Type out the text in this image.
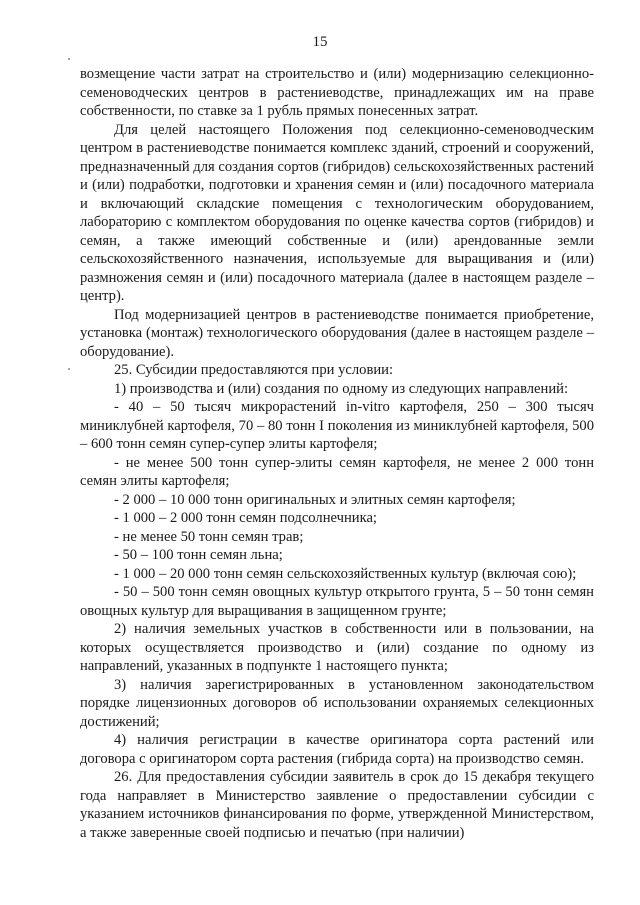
15

возмещение части затрат на строительство и (или) модернизацию селекционно-семеноводческих центров в растениеводстве, принадлежащих им на праве собственности, по ставке за 1 рубль прямых понесенных затрат.

Для целей настоящего Положения под селекционно-семеноводческим центром в растениеводстве понимается комплекс зданий, строений и сооружений, предназначенный для создания сортов (гибридов) сельскохозяйственных растений и (или) подработки, подготовки и хранения семян и (или) посадочного материала и включающий складские помещения с технологическим оборудованием, лабораторию с комплектом оборудования по оценке качества сортов (гибридов) и семян, а также имеющий собственные и (или) арендованные земли сельскохозяйственного назначения, используемые для выращивания и (или) размножения семян и (или) посадочного материала (далее в настоящем разделе – центр).

Под модернизацией центров в растениеводстве понимается приобретение, установка (монтаж) технологического оборудования (далее в настоящем разделе – оборудование).

25. Субсидии предоставляются при условии:

1) производства и (или) создания по одному из следующих направлений:

- 40 – 50 тысяч микрорастений in-vitro картофеля, 250 – 300 тысяч миниклубней картофеля, 70 – 80 тонн I поколения из миниклубней картофеля, 500 – 600 тонн семян супер-супер элиты картофеля;

- не менее 500 тонн супер-элиты семян картофеля, не менее 2 000 тонн семян элиты картофеля;

- 2 000 – 10 000 тонн оригинальных и элитных семян картофеля;

- 1 000 – 2 000 тонн семян подсолнечника;

- не менее 50 тонн семян трав;

- 50 – 100 тонн семян льна;

- 1 000 – 20 000 тонн семян сельскохозяйственных культур (включая сою);

- 50 – 500 тонн семян овощных культур открытого грунта, 5 – 50 тонн семян овощных культур для выращивания в защищенном грунте;

2) наличия земельных участков в собственности или в пользовании, на которых осуществляется производство и (или) создание по одному из направлений, указанных в подпункте 1 настоящего пункта;

3) наличия зарегистрированных в установленном законодательством порядке лицензионных договоров об использовании охраняемых селекционных достижений;

4) наличия регистрации в качестве оригинатора сорта растений или договора с оригинатором сорта растения (гибрида сорта) на производство семян.

26. Для предоставления субсидии заявитель в срок до 15 декабря текущего года направляет в Министерство заявление о предоставлении субсидии с указанием источников финансирования по форме, утвержденной Министерством, а также заверенные своей подписью и печатью (при наличии)
